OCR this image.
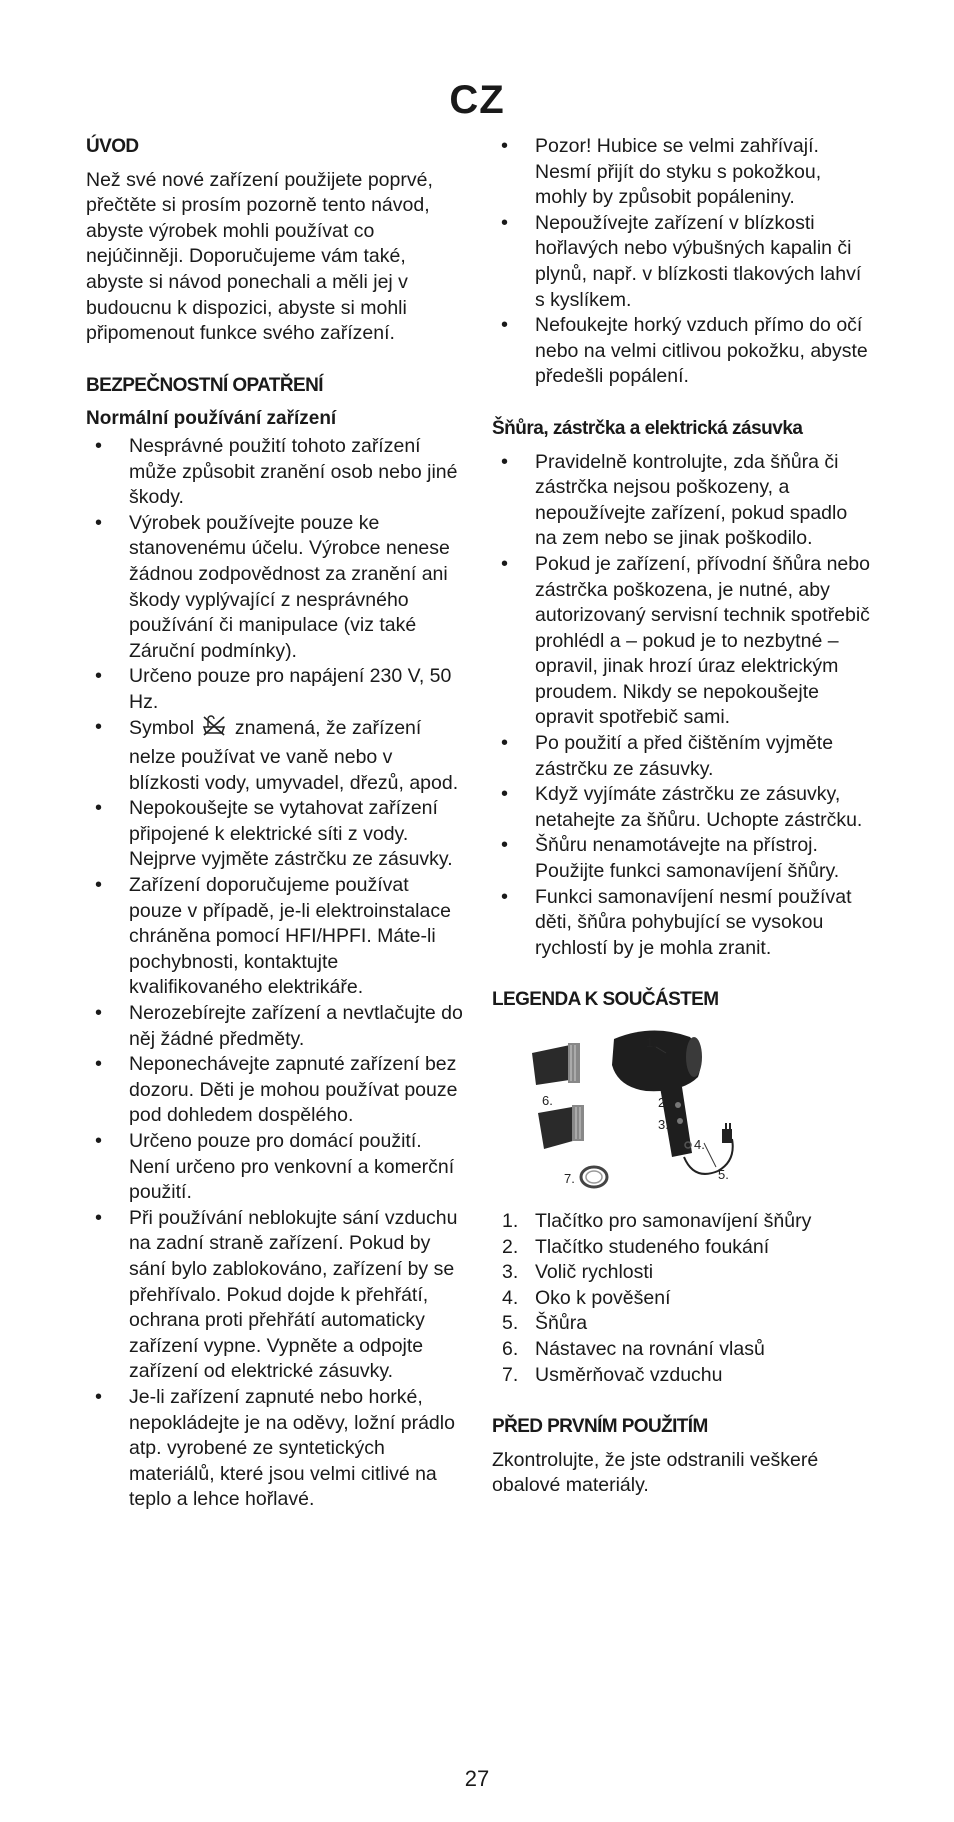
CZ
ÚVOD

Než své nové zařízení použijete poprvé, přečtěte si prosím pozorně tento návod, abyste výrobek mohli používat co nejúčinněji. Doporučujeme vám také, abyste si návod ponechali a měli jej v budoucnu k dispozici, abyste si mohli připomenout funkce svého zařízení.

BEZPEČNOSTNÍ OPATŘENÍ
Normální používání zařízení
• Nesprávné použití tohoto zařízení může způsobit zranění osob nebo jiné škody.
• Výrobek používejte pouze ke stanovenému účelu. Výrobce nenese žádnou zodpovědnost za zranění ani škody vyplývající z nesprávného používání či manipulace (viz také Záruční podmínky).
• Určeno pouze pro napájení 230 V, 50 Hz.
• Symbol znamená, že zařízení nelze používat ve vaně nebo v blízkosti vody, umyvadel, dřezů, apod.
• Nepokoušejte se vytahovat zařízení připojené k elektrické síti z vody. Nejprve vyjměte zástrčku ze zásuvky.
• Zařízení doporučujeme používat pouze v případě, je-li elektroinstalace chráněna pomocí HFI/HPFI. Máte-li pochybnosti, kontaktujte kvalifikovaného elektrikáře.
• Nerozebírejte zařízení a nevtlačujte do něj žádné předměty.
• Neponechávejte zapnuté zařízení bez dozoru. Děti je mohou používat pouze pod dohledem dospělého.
• Určeno pouze pro domácí použití. Není určeno pro venkovní a komerční použití.
• Při používání neblokujte sání vzduchu na zadní straně zařízení. Pokud by sání bylo zablokováno, zařízení by se přehřívalo. Pokud dojde k přehřátí, ochrana proti přehřátí automaticky zařízení vypne. Vypněte a odpojte zařízení od elektrické zásuvky.
• Je-li zařízení zapnuté nebo horké, nepokládejte je na oděvy, ložní prádlo atp. vyrobené ze syntetických materiálů, které jsou velmi citlivé na teplo a lehce hořlavé.
• Pozor! Hubice se velmi zahřívají. Nesmí přijít do styku s pokožkou, mohly by způsobit popáleniny.
• Nepoužívejte zařízení v blízkosti hořlavých nebo výbušných kapalin či plynů, např. v blízkosti tlakových lahví s kyslíkem.
• Nefoukejte horký vzduch přímo do očí nebo na velmi citlivou pokožku, abyste předešli popálení.
Šňůra, zástrčka a elektrická zásuvka
• Pravidelně kontrolujte, zda šňůra či zástrčka nejsou poškozeny, a nepoužívejte zařízení, pokud spadlo na zem nebo se jinak poškodilo.
• Pokud je zařízení, přívodní šňůra nebo zástrčka poškozena, je nutné, aby autorizovaný servisní technik spotřebič prohlédl a – pokud je to nezbytné – opravil, jinak hrozí úraz elektrickým proudem. Nikdy se nepokoušejte opravit spotřebič sami.
• Po použití a před čištěním vyjměte zástrčku ze zásuvky.
• Když vyjímáte zástrčku ze zásuvky, netahejte za šňůru. Uchopte zástrčku.
• Šňůru nenamotávejte na přístroj. Použijte funkci samonavíjení šňůry.
• Funkci samonavíjení nesmí používat děti, šňůra pohybující se vysokou rychlostí by je mohla zranit.
LEGENDA K SOUČÁSTEM
1.
2.
3.
4.
5.
6.
7.
1. Tlačítko pro samonavíjení šňůry
2. Tlačítko studeného foukání
3. Volič rychlosti
4. Oko k pověšení
5. Šňůra
6. Nástavec na rovnání vlasů
7. Usměrňovač vzduchu
PŘED PRVNÍM POUŽITÍM

Zkontrolujte, že jste odstranili veškeré obalové materiály.

27
